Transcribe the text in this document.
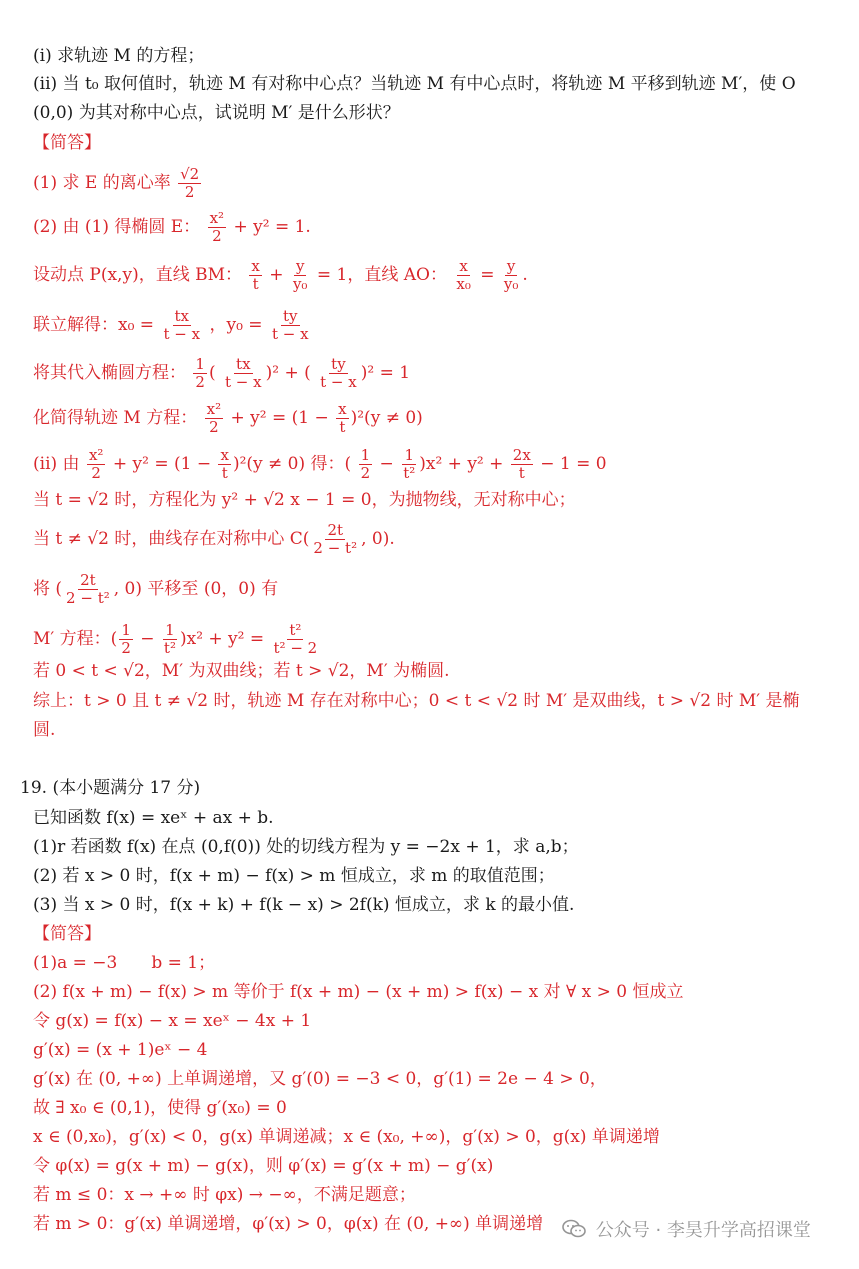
(i) 求轨迹 M 的方程；
(ii) 当 t₀ 取何值时，轨迹 M 有对称中心点？当轨迹 M 有中心点时，将轨迹 M 平移到轨迹 M′，使 O
(0,0) 为其对称中心点，试说明 M′ 是什么形状？
【简答】
(1) 求 E 的离心率 $\frac{√2}{2}$
(2) 由 (1) 得椭圆 E： $\frac{\text{x²}}{2} + y^2 = 1$.
设动点 P(x,y)，直线 BM： $\frac{x}{t} + \frac{y}{\text{y₀}} = 1$，直线 AO： $\frac{x}{\text{x₀}} = \frac{y}{\text{y₀}}$ .
联立解得：$x_0 = \frac{tx}{t - x}$ ，$y_0 = \frac{ty}{t - x}$
将其代入椭圆方程： $\frac{1}{2}$ ( $\frac{tx}{t - x} )^2$ + ( $\frac{ty}{t - x} )^2 = 1$
化简得轨迹 M 方程： $\frac{\text{x²}}{2} + y^2 = (1 - \frac{x}{t} )^2(y \ne 0)$
(ii) 由 $\frac{\text{x²}}{2} + y^2 = (1 - \frac{x}{t} )^2(y \ne 0)$ 得：( $\frac{1}{2} - \frac{1}{\text{t²}} )x^2 + y^2 + \frac{2x}{t} - 1 = 0$
当 t = √2 时，方程化为 y² + √2 x − 1 = 0，为抛物线，无对称中心；
当 t ≠ √2 时，曲线存在对称中心 $C( \frac{2t}{\text{2 − t²}}$ , 0).
将 ( $\frac{2t}{\text{2 − t²}}$ , 0) 平移至 (0，0) 有
M′ 方程：( $\frac{1}{2} - \frac{1}{\text{t²}} )x^2 + y^2 = \frac{\text{t²}}{\text{t² − 2}}$
若 0 < t < √2，M′ 为双曲线；若 t > √2，M′ 为椭圆.
综上：t > 0 且 t ≠ √2 时，轨迹 M 存在对称中心；0 < t < √2 时 M′ 是双曲线，t > √2 时 M′ 是椭
圆.
19. (本小题满分 17 分)
已知函数 f(x) = xeˣ + ax + b.
(1)r 若函数 f(x) 在点 (0,f(0)) 处的切线方程为 y = −2x + 1，求 a,b；
(2) 若 x > 0 时，f(x + m) − f(x) > m 恒成立，求 m 的取值范围；
(3) 当 x > 0 时，f(x + k) + f(k − x) > 2f(k) 恒成立，求 k 的最小值.
【简答】
(1)a = −3　　b = 1；
(2) f(x + m) − f(x) > m 等价于 f(x + m) − (x + m) > f(x) − x 对 ∀ x > 0 恒成立
令 g(x) = f(x) − x = xeˣ − 4x + 1
g′(x) = (x + 1)eˣ − 4
g′(x) 在 (0, +∞) 上单调递增，又 g′(0) = −3 < 0，g′(1) = 2e − 4 > 0，
故 ∃ x₀ ∈ (0,1)，使得 g′(x₀) = 0
x ∈ (0,x₀)，g′(x) < 0，g(x) 单调递减；x ∈ (x₀, +∞)，g′(x) > 0，g(x) 单调递增
令 φ(x) = g(x + m) − g(x)，则 φ′(x) = g′(x + m) − g′(x)
若 m ≤ 0：x → +∞ 时 φx) → −∞，不满足题意；
若 m > 0：g′(x) 单调递增，φ′(x) > 0，φ(x) 在 (0, +∞) 单调递增	公众号 · 李昊升学高招课堂
